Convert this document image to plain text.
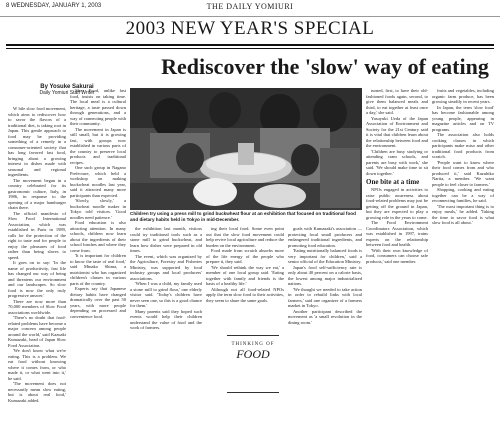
8 WEDNESDAY, JANUARY 1, 2003	THE DAILY YOMIURI
2003 NEW YEAR'S SPECIAL
Rediscover the 'slow' way of eating
By Yosuke Sakurai
Daily Yomiuri Staff Writer
Children try using a press mill to grind buckwheat flour at an exhibition that focused on traditional food and dietary habits held in Tokyo in mid-December.

W hile slow food movement, which aims to rediscover how to savor the flavors of a traditional diet, is taking root in Japan. This gentle approach to food may be providing something of a remedy in a consumer-oriented society that has long favored fast food, bringing about a growing interest in dishes made with seasonal and regional ingredients.

The movement began in a country celebrated for its gastronomic culture, Italy, in 1986, in response to the opening of a major hamburger chain there.

The official manifesto of Slow Food International Association, which was established in Paris in 1989, calls for the protection of the right to taste and for people to enjoy the pleasures of food rather than being slaves to speed.

It goes on to say: 'In the name of productivity, fast life has changed our way of being and threatens our environment and our landscapes. So slow food is now the only truly progressive answer.'

There are now more than 70,000 members of Slow Food associations worldwide.

'There's no doubt that food-related problems have become a major concern among people around the world,' said Kazuaki Kumazaki, head of Japan Slow Food Association.

'We don't know what we're eating. This is a problem. We eat food without knowing where it comes from, or who made it, or what went into it,' he said.

'The movement does not necessarily mean slow eating, but is about real food,' Kumazaki added.

Slow Food, unlike fast food, insists on taking time. The local meal is a cultural heritage, a taste passed down through generations, and a way of connecting people with their community.

The movement in Japan is still small, but it is growing fast, with groups now established in various parts of the country to preserve local products and traditional recipes.

One such group in Nagano Prefecture, which held a workshop on making buckwheat noodles last year, said it attracted many more participants than expected.

'Slowly, slowly,' a buckwheat noodle maker in Tokyo told visitors. 'Good noodles need patience.'

Food education is also attracting attention. In many schools, children now learn about the ingredients of their school lunches and where they come from.

'It is important for children to know the taste of real food,' said Minako Shima, a nutritionist who has organized children's classes in various parts of the country.

Experts say that Japanese dietary habits have changed dramatically over the past 50 years, with more people depending on processed and convenience food.

the exhibition last month, visitors could try traditional tools such as a stone mill to grind buckwheat, and learn how dishes were prepared in old times.

The event, which was organized by the Agriculture, Forestry and Fisheries Ministry, was supported by food industry groups and local producers' associations.

'When I was a child, my family used a stone mill to grind flour,' one elderly visitor said. 'Today's children have never seen one, so this is a good chance for them.'

Many parents said they hoped such events would help their children understand the value of food and the work of farmers.

ing their local food. Some even point out that the slow food movement could help revive local agriculture and reduce the burden on the environment.

Food made from scratch absorbs more of the life energy of the people who prepare it, they said.

'We should rethink the way we eat,' a member of one local group said. 'Eating together with family and friends is the basis of a healthy life.'

Although not all food-related NPOs apply the term slow food to their activities, they seem to share the same goals.

THINKING OF
FOOD

goals with Kumazaki's association — protecting local small producers and endangered traditional ingredients, and promoting food education.

'Eating nutritionally balanced foods is very important for children,' said a senior official of the Education Ministry.

Japan's food self-sufficiency rate is only about 40 percent on a calorie basis, the lowest among major industrialized nations.

'We thought we needed to take action in order to rebuild links with local farmers,' said one organizer of a farmers market in Tokyo.

Another participant described the movement as 'a small revolution in the dining room.'

turned, first, to have their old-fashioned foods again, second, to give them balanced meals and third, to eat together at least once a day,' she said.

Yasuyuki Ueda of the Japan Association of Environment and Society for the 21st Century said it is vital that children learn about the relationship between food and the environment.

'Children are busy studying or attending cram schools, and parents are busy with work,' she said. 'We should make time to sit down together.'

One bite at a time

NPOs engaged in activities to raise public awareness about food-related problems may just be getting off the ground in Japan, but they are expected to play a growing role in the years to come.

The Food Environment Coordinators Association, which was established in 1997, trains experts on the relationship between food and health.

'With their own knowledge of food, consumers can choose safe products,' said one member.

fruits and vegetables, including organic farm produce, has been growing steadily in recent years.

In Japan, the term 'slow food' has become fashionable among young people, appearing in magazine articles and on TV programs.

The association also holds cooking classes in which participants make miso and other traditional food products from scratch.

'People want to know where their food comes from and who produced it,' said Kazuhiko Narita, a member. 'We want people to feel closer to farmers.'

Shopping, cooking and eating together can be a way of reconnecting families, he said.

'The most important thing is to enjoy meals,' he added. 'Taking the time to savor food is what slow food is all about.'
